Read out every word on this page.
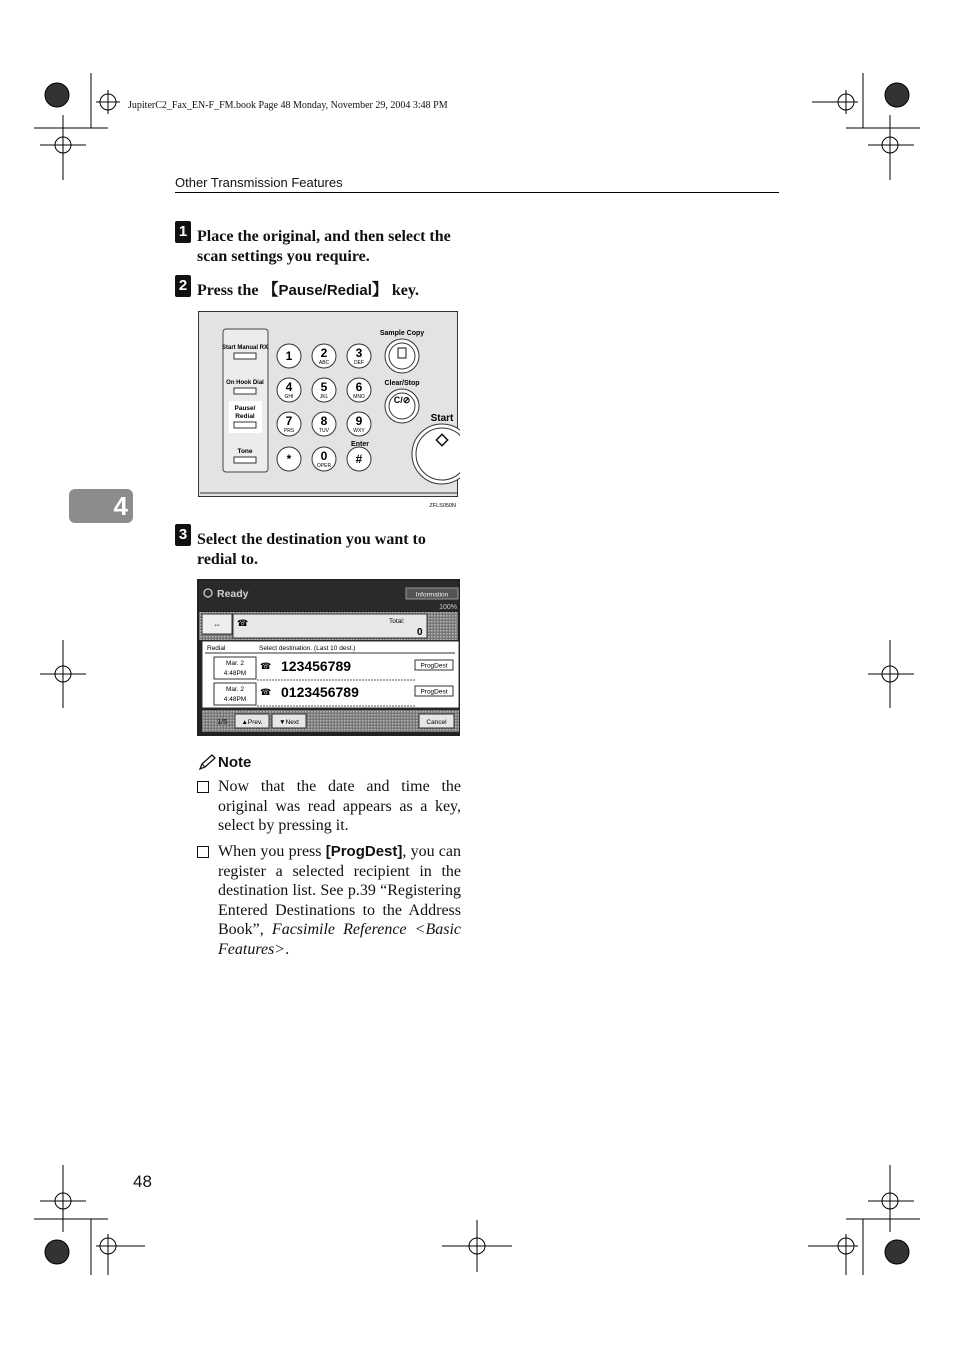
JupiterC2_Fax_EN-F_FM.book Page 48 Monday, November 29, 2004 3:48 PM
Other Transmission Features
4
1 Place the original, and then select the scan settings you require.
2 Press the 【Pause/Redial】 key.
Start Manual RX
On Hook Dial
Pause/
Redial
Tone
1 2
ABC
3
DEF
4
GHI
5
JKL
6
MNO
7
PRS
8
TUV
9
WXY
* 0
OPER #
Sample Copy
Clear/Stop
C/⊘
Enter
Start
ZFLS050N
3 Select the destination you want to redial to.
Ready	Information
100%
⇔ ☎	Total:
0
Redial	Select destination. (Last 10 dest.)
Mar. 2
4:48PM
☎ 123456789	ProgDest
Mar. 2
4:48PM
☎ 0123456789	ProgDest
1/5 ▲Prev.	▼Next	Cancel
Note
Now that the date and time the original was read appears as a key, select by pressing it.
When you press [ProgDest], you can register a selected recipient in the destination list. See p.39 “Registering Entered Destinations to the Address Book”, Facsimile Reference <Basic Features>.
48
